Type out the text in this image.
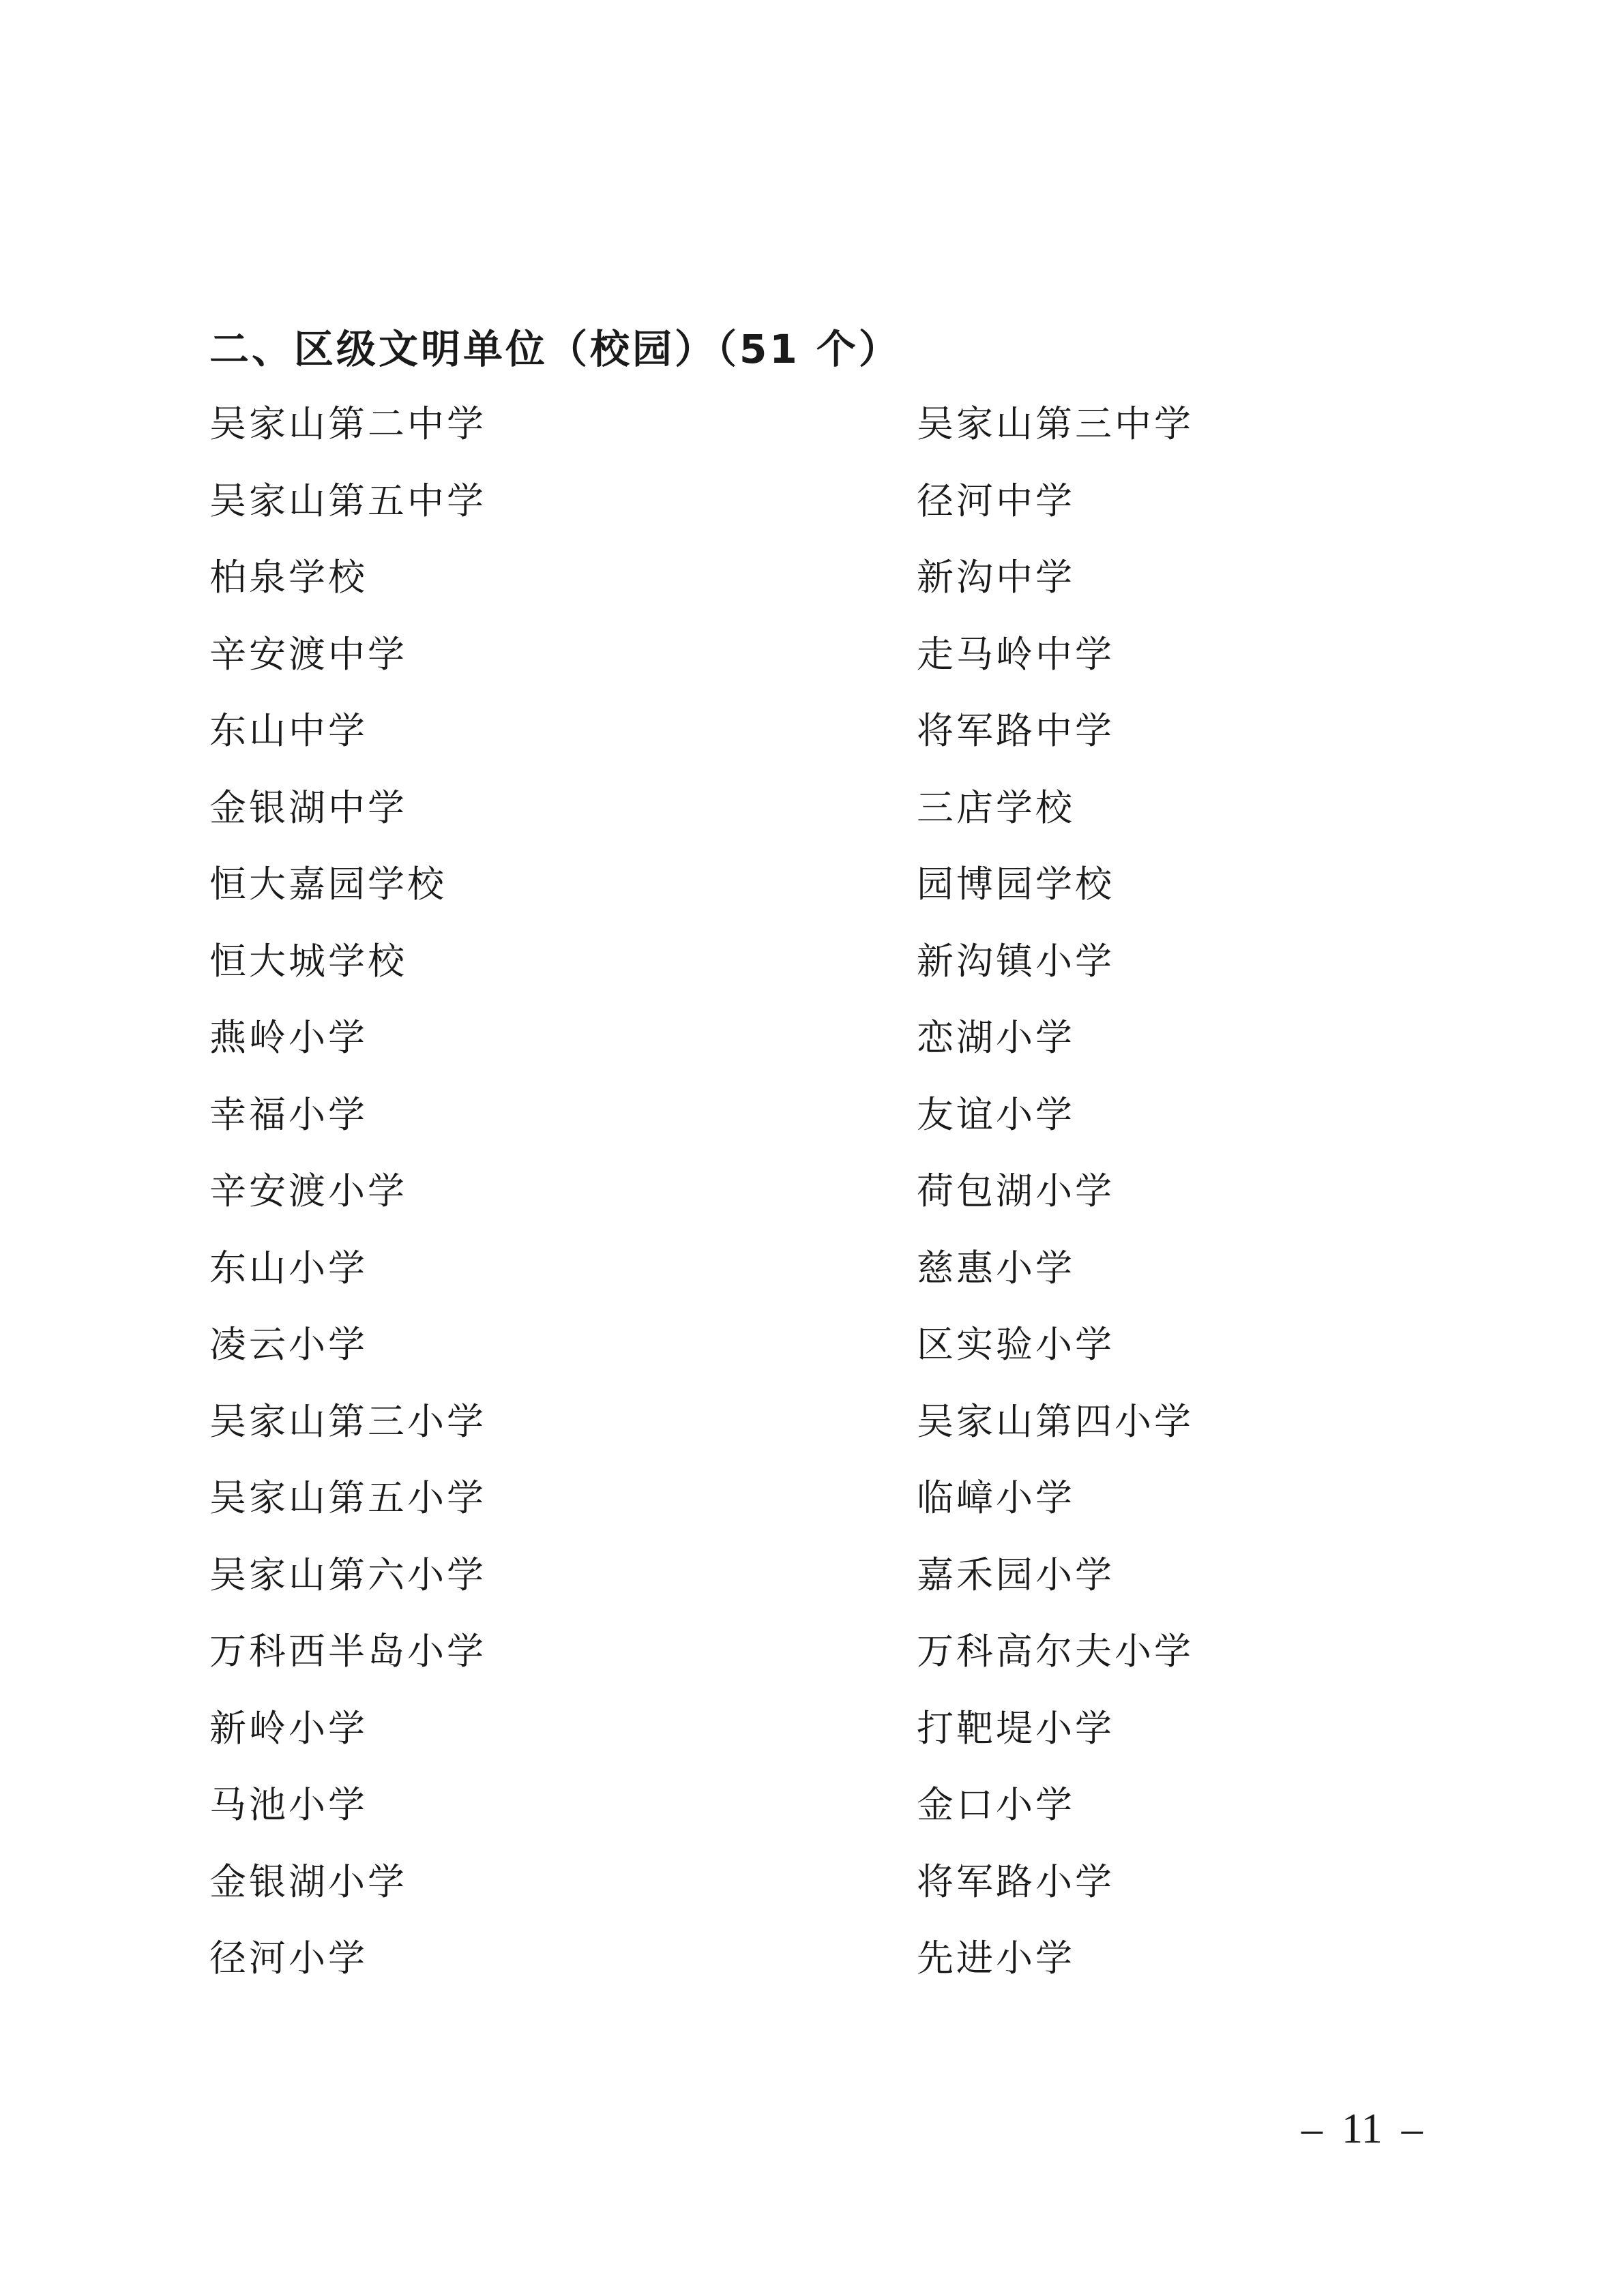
二、区级文明单位（校园）（51 个）
吴家山第二中学	吴家山第三中学
吴家山第五中学	径河中学
柏泉学校	新沟中学
辛安渡中学	走马岭中学
东山中学	将军路中学
金银湖中学	三店学校
恒大嘉园学校	园博园学校
恒大城学校	新沟镇小学
燕岭小学	恋湖小学
幸福小学	友谊小学
辛安渡小学	荷包湖小学
东山小学	慈惠小学
凌云小学	区实验小学
吴家山第三小学	吴家山第四小学
吴家山第五小学	临嶂小学
吴家山第六小学	嘉禾园小学
万科西半岛小学	万科高尔夫小学
新岭小学	打靶堤小学
马池小学	金口小学
金银湖小学	将军路小学
径河小学	先进小学
– 11 –
